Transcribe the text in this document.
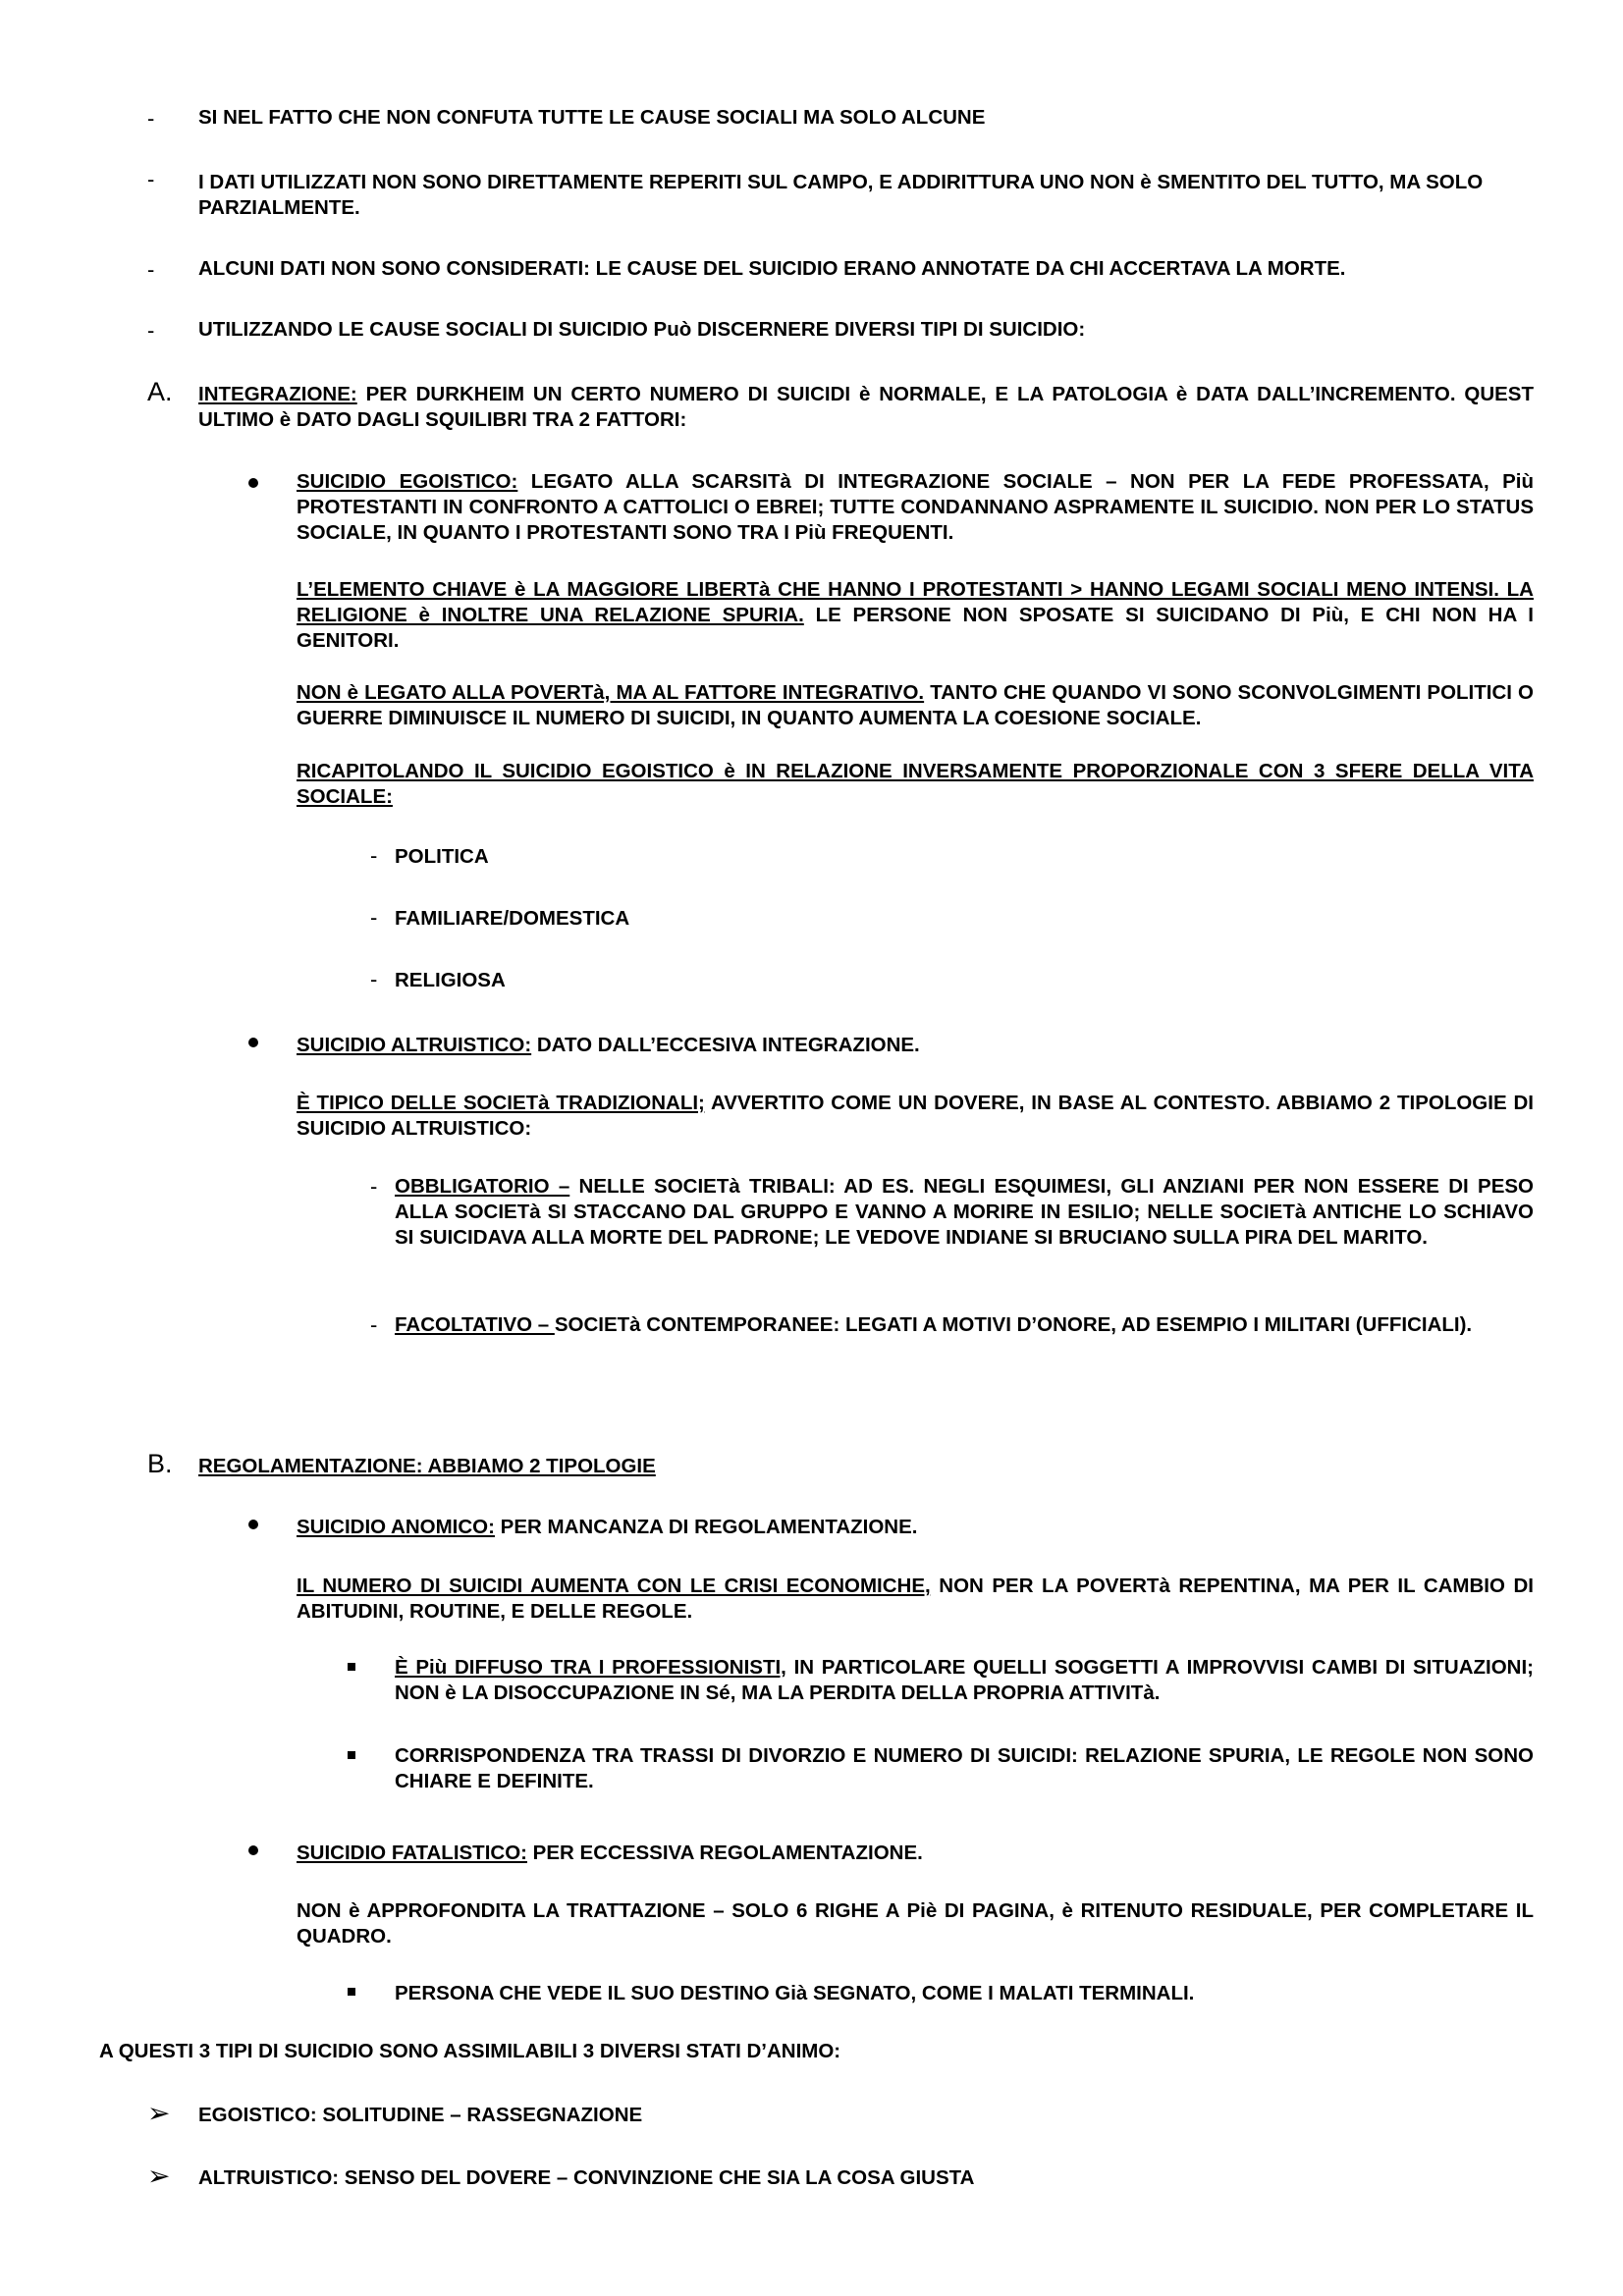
- SI NEL FATTO CHE NON CONFUTA TUTTE LE CAUSE SOCIALI MA SOLO ALCUNE
- I DATI UTILIZZATI NON SONO DIRETTAMENTE REPERITI SUL CAMPO, E ADDIRITTURA UNO NON è SMENTITO DEL TUTTO, MA SOLO PARZIALMENTE.
- ALCUNI DATI NON SONO CONSIDERATI: LE CAUSE DEL SUICIDIO ERANO ANNOTATE DA CHI ACCERTAVA LA MORTE.
- UTILIZZANDO LE CAUSE SOCIALI DI SUICIDIO Può DISCERNERE DIVERSI TIPI DI SUICIDIO:
A. INTEGRAZIONE: PER DURKHEIM UN CERTO NUMERO DI SUICIDI è NORMALE, E LA PATOLOGIA è DATA DALL’INCREMENTO. QUEST ULTIMO è DATO DAGLI SQUILIBRI TRA 2 FATTORI:
SUICIDIO EGOISTICO: LEGATO ALLA SCARSITà DI INTEGRAZIONE SOCIALE – NON PER LA FEDE PROFESSATA, Più PROTESTANTI IN CONFRONTO A CATTOLICI O EBREI; TUTTE CONDANNANO ASPRAMENTE IL SUICIDIO. NON PER LO STATUS SOCIALE, IN QUANTO I PROTESTANTI SONO TRA I Più FREQUENTI.
L’ELEMENTO CHIAVE è LA MAGGIORE LIBERTà CHE HANNO I PROTESTANTI > HANNO LEGAMI SOCIALI MENO INTENSI. LA RELIGIONE è INOLTRE UNA RELAZIONE SPURIA. LE PERSONE NON SPOSATE SI SUICIDANO DI Più, E CHI NON HA I GENITORI.
NON è LEGATO ALLA POVERTà, MA AL FATTORE INTEGRATIVO. TANTO CHE QUANDO VI SONO SCONVOLGIMENTI POLITICI O GUERRE DIMINUISCE IL NUMERO DI SUICIDI, IN QUANTO AUMENTA LA COESIONE SOCIALE.
RICAPITOLANDO IL SUICIDIO EGOISTICO è IN RELAZIONE INVERSAMENTE PROPORZIONALE CON 3 SFERE DELLA VITA SOCIALE:
- POLITICA
- FAMILIARE/DOMESTICA
- RELIGIOSA
SUICIDIO ALTRUISTICO: DATO DALL’ECCESIVA INTEGRAZIONE.
È TIPICO DELLE SOCIETà TRADIZIONALI; AVVERTITO COME UN DOVERE, IN BASE AL CONTESTO. ABBIAMO 2 TIPOLOGIE DI SUICIDIO ALTRUISTICO:
- OBBLIGATORIO – NELLE SOCIETà TRIBALI: AD ES. NEGLI ESQUIMESI, GLI ANZIANI PER NON ESSERE DI PESO ALLA SOCIETà SI STACCANO DAL GRUPPO E VANNO A MORIRE IN ESILIO; NELLE SOCIETà ANTICHE LO SCHIAVO SI SUICIDAVA ALLA MORTE DEL PADRONE; LE VEDOVE INDIANE SI BRUCIANO SULLA PIRA DEL MARITO.
- FACOLTATIVO – SOCIETà CONTEMPORANEE: LEGATI A MOTIVI D’ONORE, AD ESEMPIO I MILITARI (UFFICIALI).
B. REGOLAMENTAZIONE: ABBIAMO 2 TIPOLOGIE
SUICIDIO ANOMICO: PER MANCANZA DI REGOLAMENTAZIONE.
IL NUMERO DI SUICIDI AUMENTA CON LE CRISI ECONOMICHE, NON PER LA POVERTà REPENTINA, MA PER IL CAMBIO DI ABITUDINI, ROUTINE, E DELLE REGOLE.
È Più DIFFUSO TRA I PROFESSIONISTI, IN PARTICOLARE QUELLI SOGGETTI A IMPROVVISI CAMBI DI SITUAZIONI; NON è LA DISOCCUPAZIONE IN Sé, MA LA PERDITA DELLA PROPRIA ATTIVITà.
CORRISPONDENZA TRA TRASSI DI DIVORZIO E NUMERO DI SUICIDI: RELAZIONE SPURIA, LE REGOLE NON SONO CHIARE E DEFINITE.
SUICIDIO FATALISTICO: PER ECCESSIVA REGOLAMENTAZIONE.
NON è APPROFONDITA LA TRATTAZIONE – SOLO 6 RIGHE A Piè DI PAGINA, è RITENUTO RESIDUALE, PER COMPLETARE IL QUADRO.
PERSONA CHE VEDE IL SUO DESTINO Già SEGNATO, COME I MALATI TERMINALI.
A QUESTI 3 TIPI DI SUICIDIO SONO ASSIMILABILI 3 DIVERSI STATI D’ANIMO:
➢ EGOISTICO: SOLITUDINE – RASSEGNAZIONE
➢ ALTRUISTICO: SENSO DEL DOVERE – CONVINZIONE CHE SIA LA COSA GIUSTA
